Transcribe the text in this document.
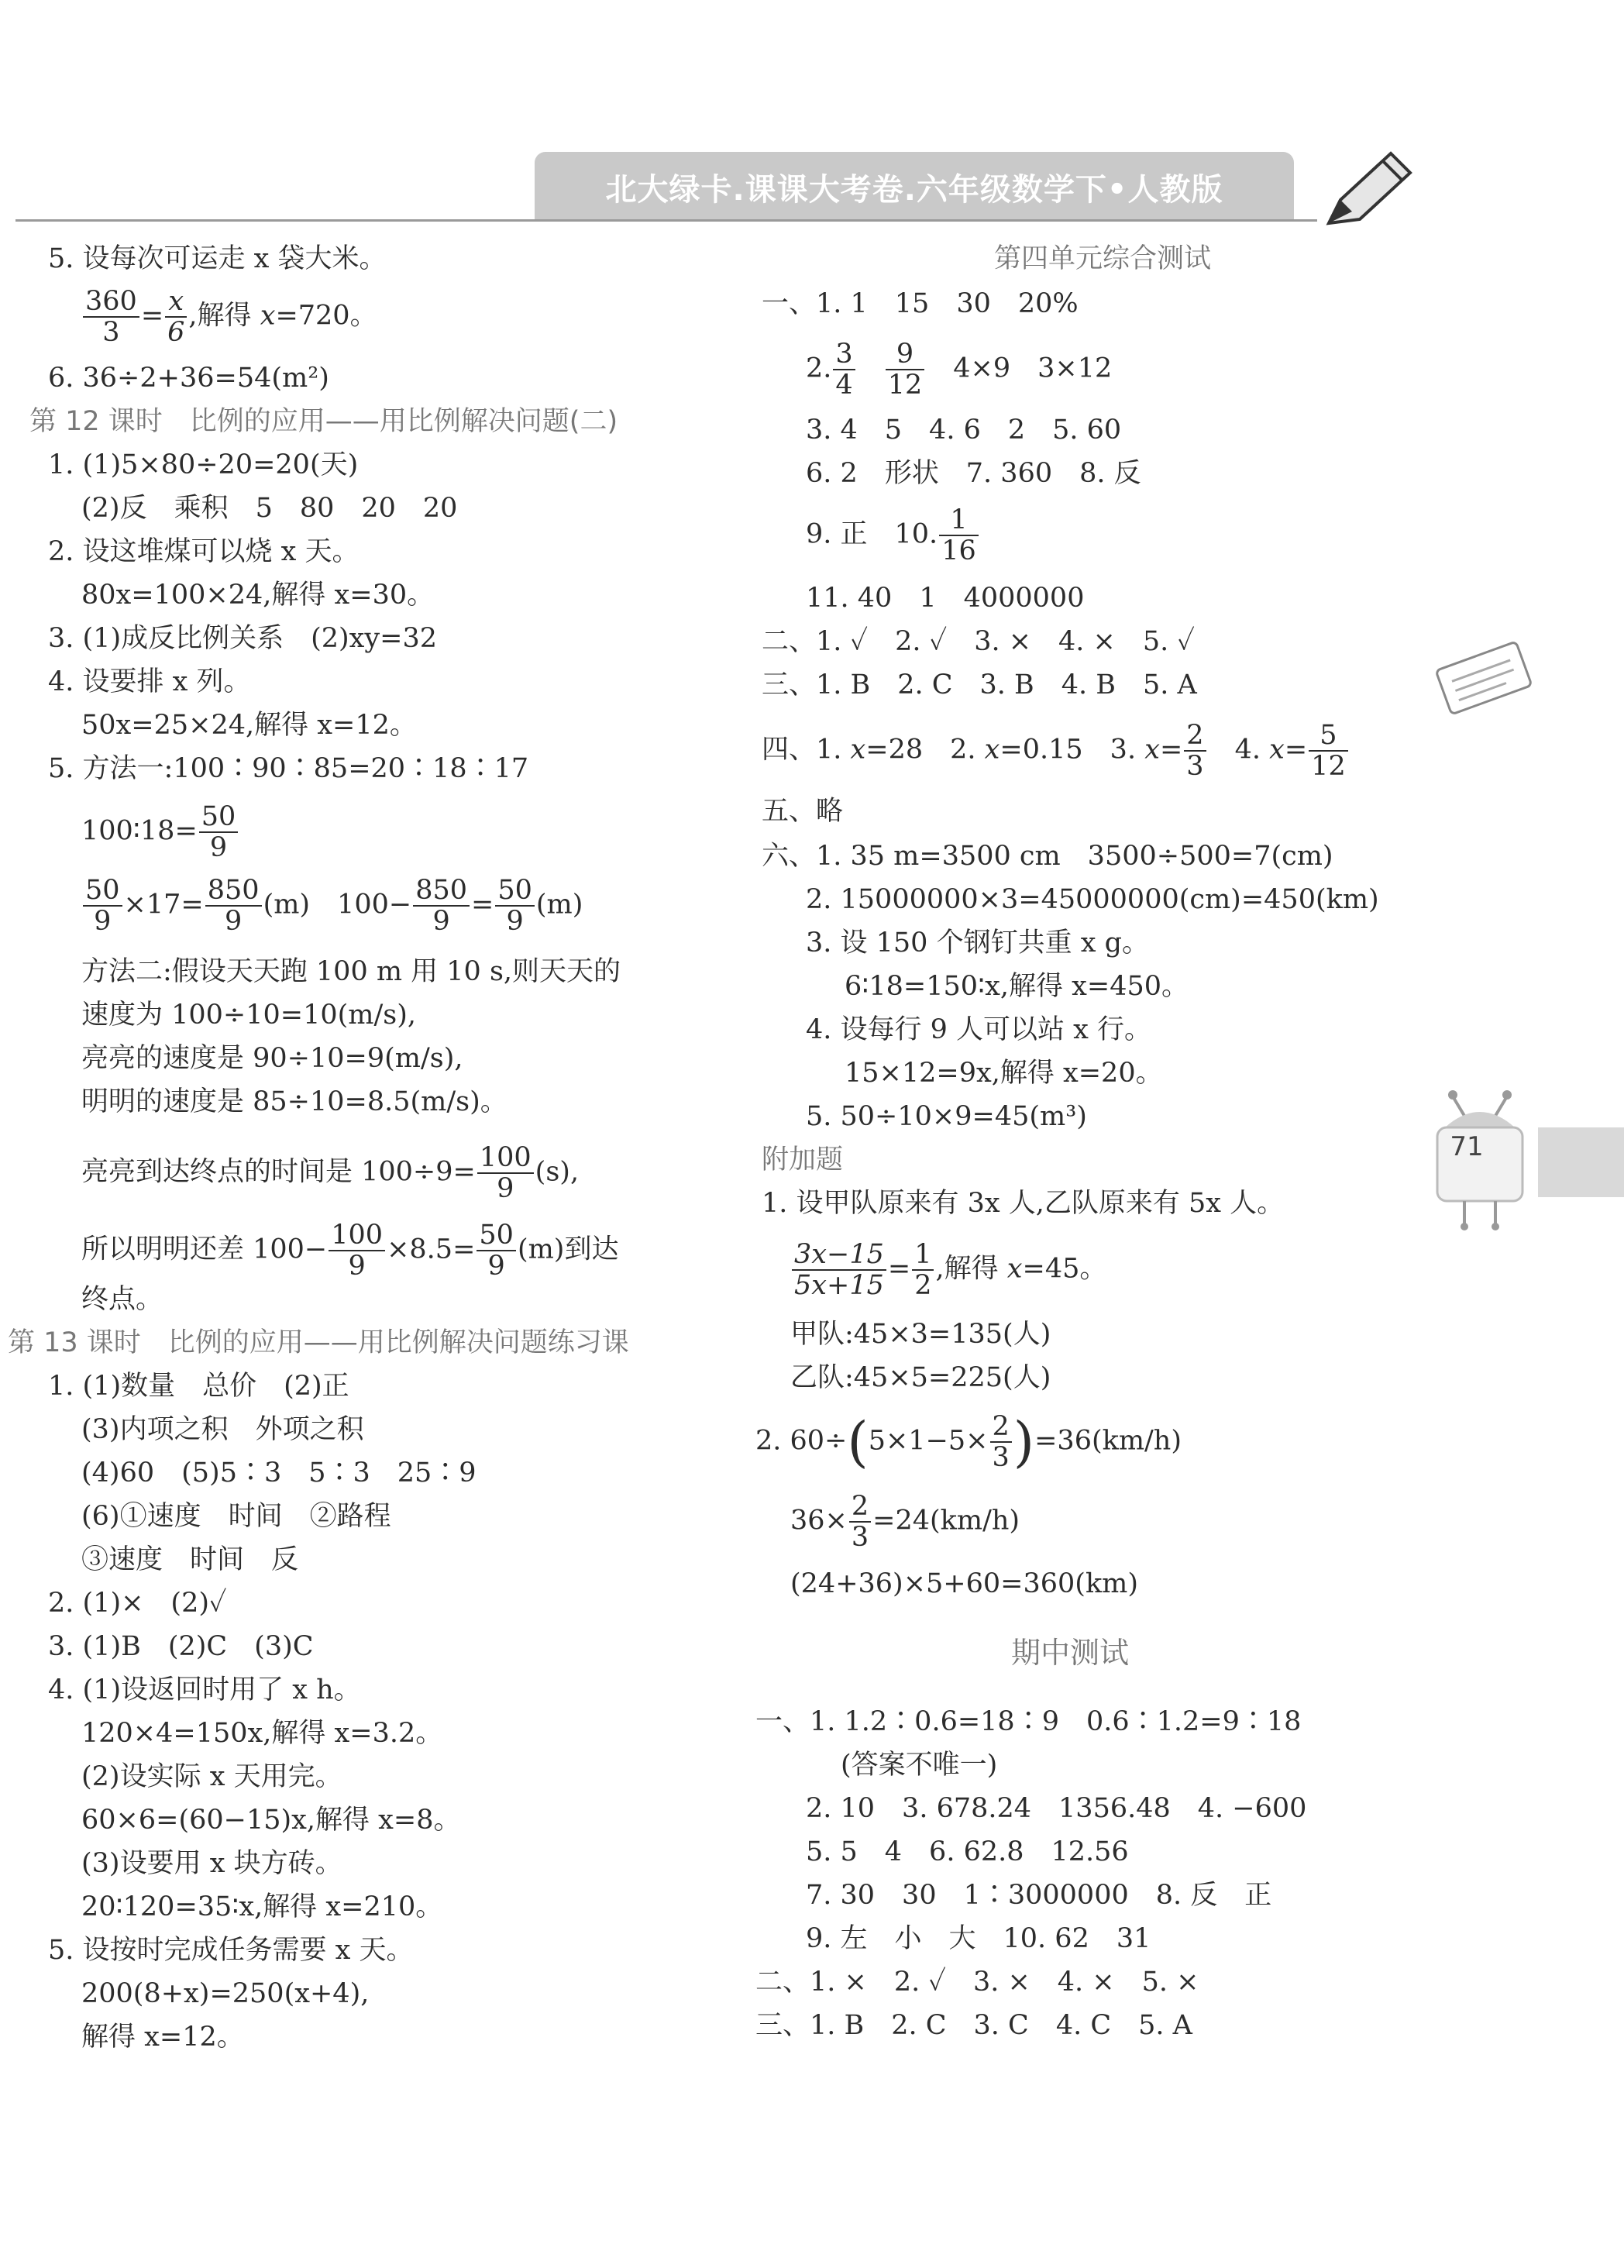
北大绿卡.课课大考卷.六年级数学下•人教版
5. 设每次可运走 x 袋大米。
$\frac{360}{3} = \frac{x}{6}$ ,解得 x=720。
6. 36÷2+36=54(m²)
第 12 课时　比例的应用——用比例解决问题(二)
1. (1)5×80÷20=20(天)
(2)反　乘积　5　80　20　20
2. 设这堆煤可以烧 x 天。
80x=100×24,解得 x=30。
3. (1)成反比例关系　(2)xy=32
4. 设要排 x 列。
50x=25×24,解得 x=12。
5. 方法一:100∶90∶85=20∶18∶17
100∶18= $\frac{50}{9}$
$\frac{50}{9} \times 17= \frac{850}{9} (m)$　$100- \frac{850}{9} = \frac{50}{9} (m)$
方法二:假设天天跑 100 m 用 10 s,则天天的
速度为 100÷10=10(m/s),
亮亮的速度是 90÷10=9(m/s),
明明的速度是 85÷10=8.5(m/s)。
亮亮到达终点的时间是 $100\div 9= \frac{100}{9} (s)$,
所以明明还差 $100- \frac{100}{9} \times 8.5= \frac{50}{9} (m)$到达
终点。
第 13 课时　比例的应用——用比例解决问题练习课
1. (1)数量　总价　(2)正
(3)内项之积　外项之积
(4)60　(5)5∶3　5∶3　25∶9
(6)①速度　时间　②路程
③速度　时间　反
2. (1)×　(2)✓
3. (1)B　(2)C　(3)C
4. (1)设返回时用了 x h。
120×4=150x,解得 x=3.2。
(2)设实际 x 天用完。
60×6=(60−15)x,解得 x=8。
(3)设要用 x 块方砖。
20∶120=35∶x,解得 x=210。
5. 设按时完成任务需要 x 天。
200(8+x)=250(x+4),
解得 x=12。
第四单元综合测试
一、1. 1　15　30　20%
2. $\frac{3}{4}$
　 $\frac{9}{12}$ 　4×9　3×12
3. 4　5　4. 6　2　5. 60
6. 2　形状　7. 360　8. 反
9. 正　10. $\frac{1}{16}$
11. 40　1　4000000
二、1. ✓　2. ✓　3. ×　4. ×　5. ✓
三、1. B　2. C　3. B　4. B　5. A
四、1. x=28　2. x=0.15　3. $x= \frac{2}{3}$ 　4. $x= \frac{5}{12}$
五、略
六、1. 35 m=3500 cm　3500÷500=7(cm)
2. 15000000×3=45000000(cm)=450(km)
3. 设 150 个钢钉共重 x g。
6∶18=150∶x,解得 x=450。
4. 设每行 9 人可以站 x 行。
15×12=9x,解得 x=20。
5. 50÷10×9=45(m³)
附加题
1. 设甲队原来有 3x 人,乙队原来有 5x 人。
$\frac{3x-15}{5x+15} = \frac{1}{2}$ ,解得 x=45。
甲队:45×3=135(人)
乙队:45×5=225(人)
2. $60\div(5\times 1-5\times \frac{2}{3} )=36(km/h)$
$36\times \frac{2}{3} =24(km/h)$
(24+36)×5+60=360(km)
期中测试
一、1. 1.2∶0.6=18∶9　0.6∶1.2=9∶18
(答案不唯一)
2. 10　3. 678.24　1356.48　4. −600
5. 5　4　6. 62.8　12.56
7. 30　30　1∶3000000　8. 反　正
9. 左　小　大　10. 62　31
二、1. ×　2. ✓　3. ×　4. ×　5. ×
三、1. B　2. C　3. C　4. C　5. A
71
